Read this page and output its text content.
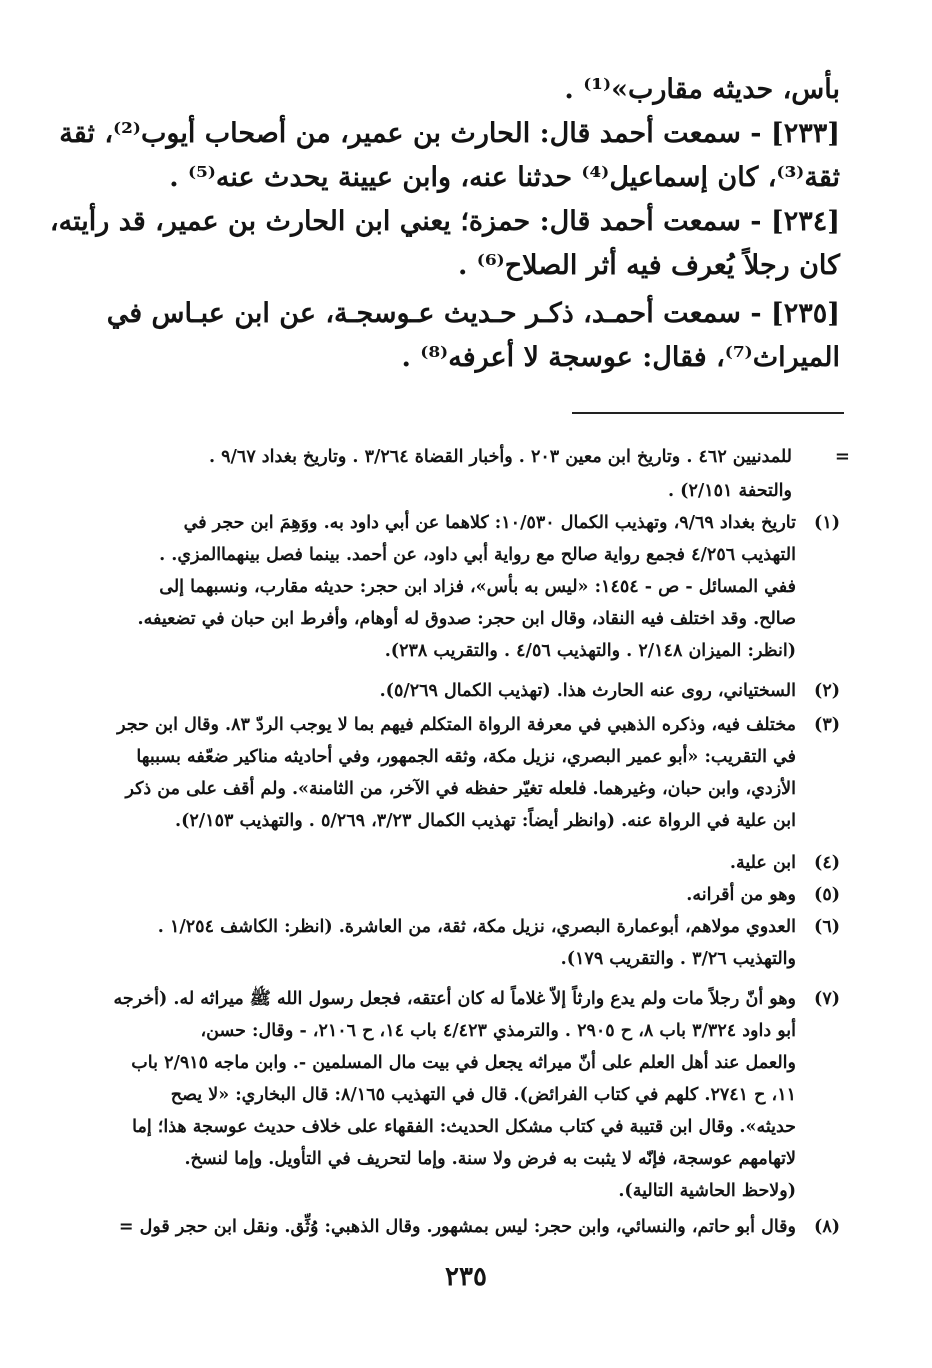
بأس، حديثه مقارب»⁽¹⁾ .
[٢٣٣] - سمعت أحمد قال: الحارث بن عمير، من أصحاب أيوب⁽²⁾، ثقة
ثقة⁽³⁾، كان إسماعيل⁽⁴⁾ حدثنا عنه، وابن عيينة يحدث عنه⁽⁵⁾ .
[٢٣٤] - سمعت أحمد قال: حمزة؛ يعني ابن الحارث بن عمير، قد رأيته،
كان رجلاً يُعرف فيه أثر الصلاح⁽⁶⁾ .
[٢٣٥] - سمعت أحمـد، ذكـر حـديث عـوسجـة، عن ابن عبـاس في
الميراث⁽⁷⁾، فقال: عوسجة لا أعرفه⁽⁸⁾ .
=
للمدنيين ٤٦٢ . وتاريخ ابن معين ٢٠٣ . وأخبار القضاة ٣/٢٦٤ . وتاريخ بغداد ٩/٦٧ .
والتحفة ٢/١٥١) .
(١)تاريخ بغداد ٩/٦٩، وتهذيب الكمال ١٠/٥٣٠: كلاهما عن أبي داود به. ووَهِمَ ابن حجر في
التهذيب ٤/٢٥٦ فجمع رواية صالح مع رواية أبي داود، عن أحمد. بينما فصل بينهماالمزي. .
ففي المسائل - ص - ١٤٥٤: «ليس به بأس»، فزاد ابن حجر: حديثه مقارب، ونسبهما إلى
صالح. وقد اختلف فيه النقاد، وقال ابن حجر: صدوق له أوهام، وأفرط ابن حبان في تضعيفه.
(انظر: الميزان ٢/١٤٨ . والتهذيب ٤/٥٦ . والتقريب ٢٣٨).
(٢)السختياني، روى عنه الحارث هذا. (تهذيب الكمال ٥/٢٦٩).
(٣)مختلف فيه، وذكره الذهبي في معرفة الرواة المتكلم فيهم بما لا يوجب الردّ ٨٣. وقال ابن حجر
في التقريب: «أبو عمير البصري، نزيل مكة، وثقه الجمهور، وفي أحاديثه مناكير ضعّفه بسببها
الأزدي، وابن حبان، وغيرهما. فلعله تغيّر حفظه في الآخر، من الثامنة». ولم أقف على من ذكر
ابن علية في الرواة عنه. (وانظر أيضاً: تهذيب الكمال ٣/٢٣، ٥/٢٦٩ . والتهذيب ٢/١٥٣).
(٤)ابن علية.
(٥)وهو من أقرانه.
(٦)العدوي مولاهم، أبوعمارة البصري، نزيل مكة، ثقة، من العاشرة. (انظر: الكاشف ١/٢٥٤ .
والتهذيب ٣/٢٦ . والتقريب ١٧٩).
(٧)وهو أنّ رجلاً مات ولم يدع وارثاً إلاّ غلاماً له كان أعتقه، فجعل رسول الله ﷺ ميراثه له. (أخرجه
أبو داود ٣/٣٢٤ باب ٨، ح ٢٩٠٥ . والترمذي ٤/٤٢٣ باب ١٤، ح ٢١٠٦، - وقال: حسن،
والعمل عند أهل العلم على أنّ ميراثه يجعل في بيت مال المسلمين -. وابن ماجه ٢/٩١٥ باب
١١، ح ٢٧٤١. كلهم في كتاب الفرائض). قال في التهذيب ٨/١٦٥: قال البخاري: «لا يصح
حديثه». وقال ابن قتيبة في كتاب مشكل الحديث: الفقهاء على خلاف حديث عوسجة هذا؛ إما
لاتهامهم عوسجة، فإنّه لا يثبت به فرض ولا سنة. وإما لتحريف في التأويل. وإما لنسخ.
(ولاحظ الحاشية التالية).
(٨)وقال أبو حاتم، والنسائي، وابن حجر: ليس بمشهور. وقال الذهبي: وُثِّق. ونقل ابن حجر قول =
٢٣٥
